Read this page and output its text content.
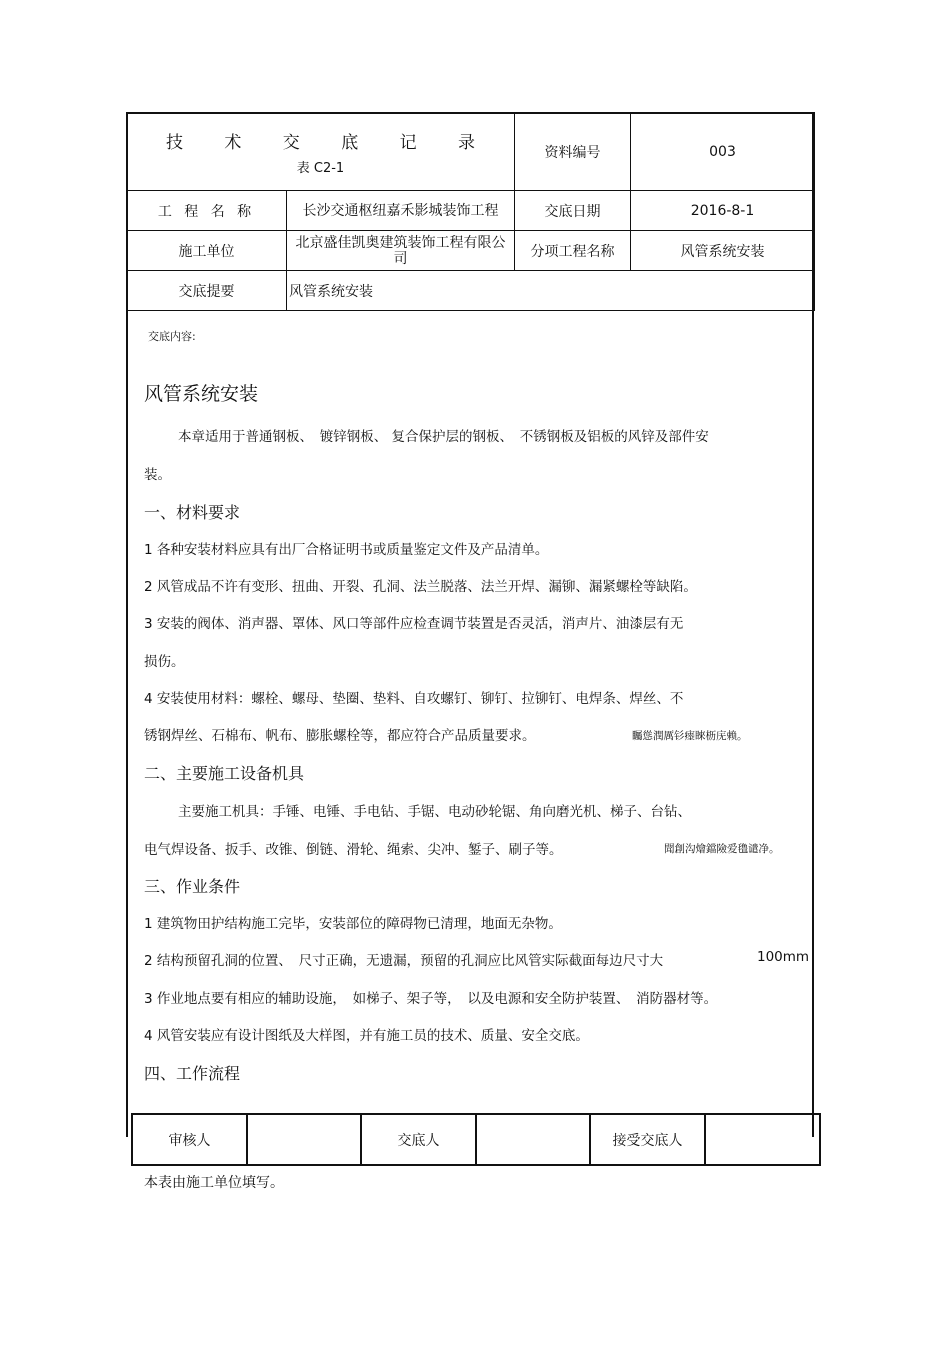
技 术 交 底 记 录
表 C2-1		资料编号	003
工 程 名 称	长沙交通枢纽嘉禾影城装饰工程	交底日期	2016-8-1
施工单位	北京盛佳凯奥建筑装饰工程有限公司	分项工程名称	风管系统安装
交底提要	风管系统安装		
交底内容:
风管系统安装
本章适用于普通钢板、　镀锌钢板、 复合保护层的钢板、　不锈钢板及铝板的风锌及部件安
装。
一、材料要求
1 各种安装材料应具有出厂合格证明书或质量鉴定文件及产品清单。
2 风管成品不许有变形、扭曲、开裂、孔洞、法兰脱落、法兰开焊、漏铆、漏紧螺栓等缺陷。
3 安装的阀体、消声器、罩体、风口等部件应检查调节装置是否灵活，消声片、油漆层有无
损伤。
4 安装使用材料：螺栓、螺母、垫圈、垫料、自攻螺钉、铆钉、拉铆钉、电焊条、焊丝、不
锈钢焊丝、石棉布、帆布、膨胀螺栓等，都应符合产品质量要求。	矚慫潤厲钐瘗睞枥庑赖。
二、主要施工设备机具
主要施工机具：手锤、电锤、手电钻、手锯、电动砂轮锯、角向磨光机、梯子、台钻、
电气焊设备、扳手、改锥、倒链、滑轮、绳索、尖冲、錾子、刷子等。	聞創沟燴鐺險爱氇谴净。
三、作业条件
1 建筑物田护结构施工完毕，安装部位的障碍物已清理，地面无杂物。
2 结构预留孔洞的位置、　尺寸正确，无遗漏，预留的孔洞应比风管实际截面每边尺寸大	100mm
3 作业地点要有相应的辅助设施，　如梯子、架子等，　以及电源和安全防护装置、　消防器材等。
4 风管安装应有设计图纸及大样图，并有施工员的技术、质量、安全交底。
四、工作流程
审核人		交底人		接受交底人	
本表由施工单位填写。
